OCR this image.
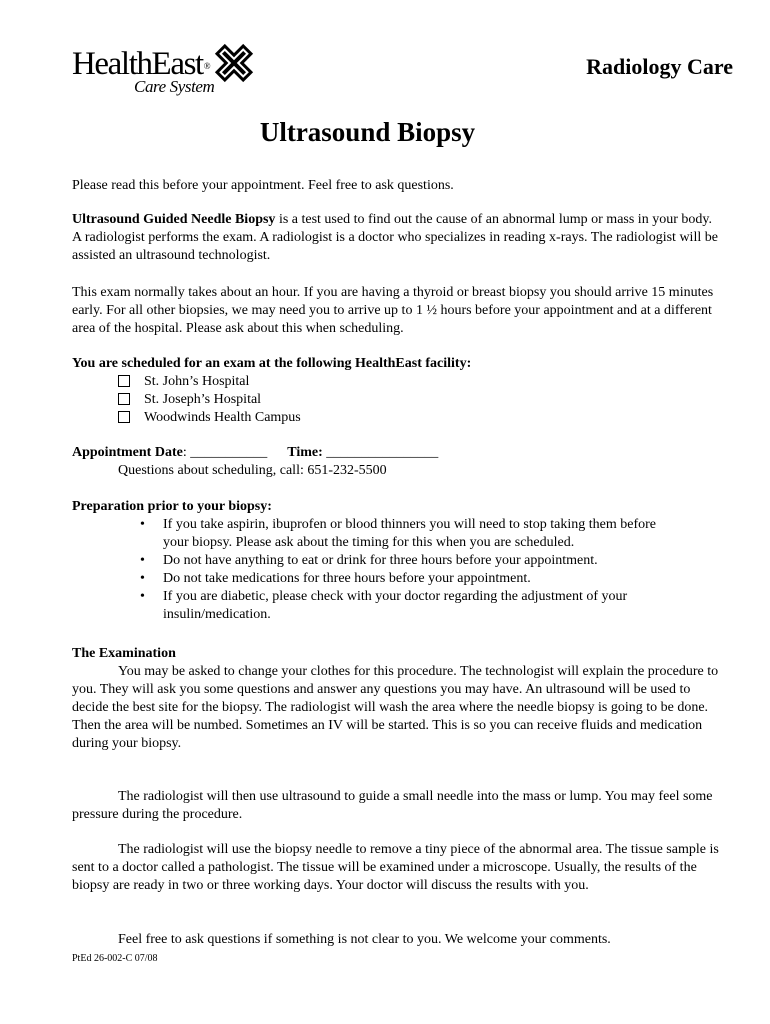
HealthEast®
Care System
Radiology Care
Ultrasound Biopsy
Please read this before your appointment. Feel free to ask questions.
Ultrasound Guided Needle Biopsy is a test used to find out the cause of an abnormal lump or mass in your body. A radiologist performs the exam. A radiologist is a doctor who specializes in reading x-rays. The radiologist will be assisted an ultrasound technologist.
This exam normally takes about an hour. If you are having a thyroid or breast biopsy you should arrive 15 minutes early. For all other biopsies, we may need you to arrive up to 1 ½ hours before your appointment and at a different area of the hospital. Please ask about this when scheduling.
You are scheduled for an exam at the following HealthEast facility:
St. John’s Hospital
St. Joseph’s Hospital
Woodwinds Health Campus
Appointment Date: ___________ Time: ________________
Questions about scheduling, call: 651-232-5500
Preparation prior to your biopsy:
• If you take aspirin, ibuprofen or blood thinners you will need to stop taking them before your biopsy. Please ask about the timing for this when you are scheduled.
• Do not have anything to eat or drink for three hours before your appointment.
• Do not take medications for three hours before your appointment.
• If you are diabetic, please check with your doctor regarding the adjustment of your insulin/medication.
The Examination
You may be asked to change your clothes for this procedure. The technologist will explain the procedure to you. They will ask you some questions and answer any questions you may have. An ultrasound will be used to decide the best site for the biopsy. The radiologist will wash the area where the needle biopsy is going to be done. Then the area will be numbed. Sometimes an IV will be started. This is so you can receive fluids and medication during your biopsy.
The radiologist will then use ultrasound to guide a small needle into the mass or lump. You may feel some pressure during the procedure.
The radiologist will use the biopsy needle to remove a tiny piece of the abnormal area. The tissue sample is sent to a doctor called a pathologist. The tissue will be examined under a microscope. Usually, the results of the biopsy are ready in two or three working days. Your doctor will discuss the results with you.
Feel free to ask questions if something is not clear to you. We welcome your comments.
PtEd 26-002-C 07/08
